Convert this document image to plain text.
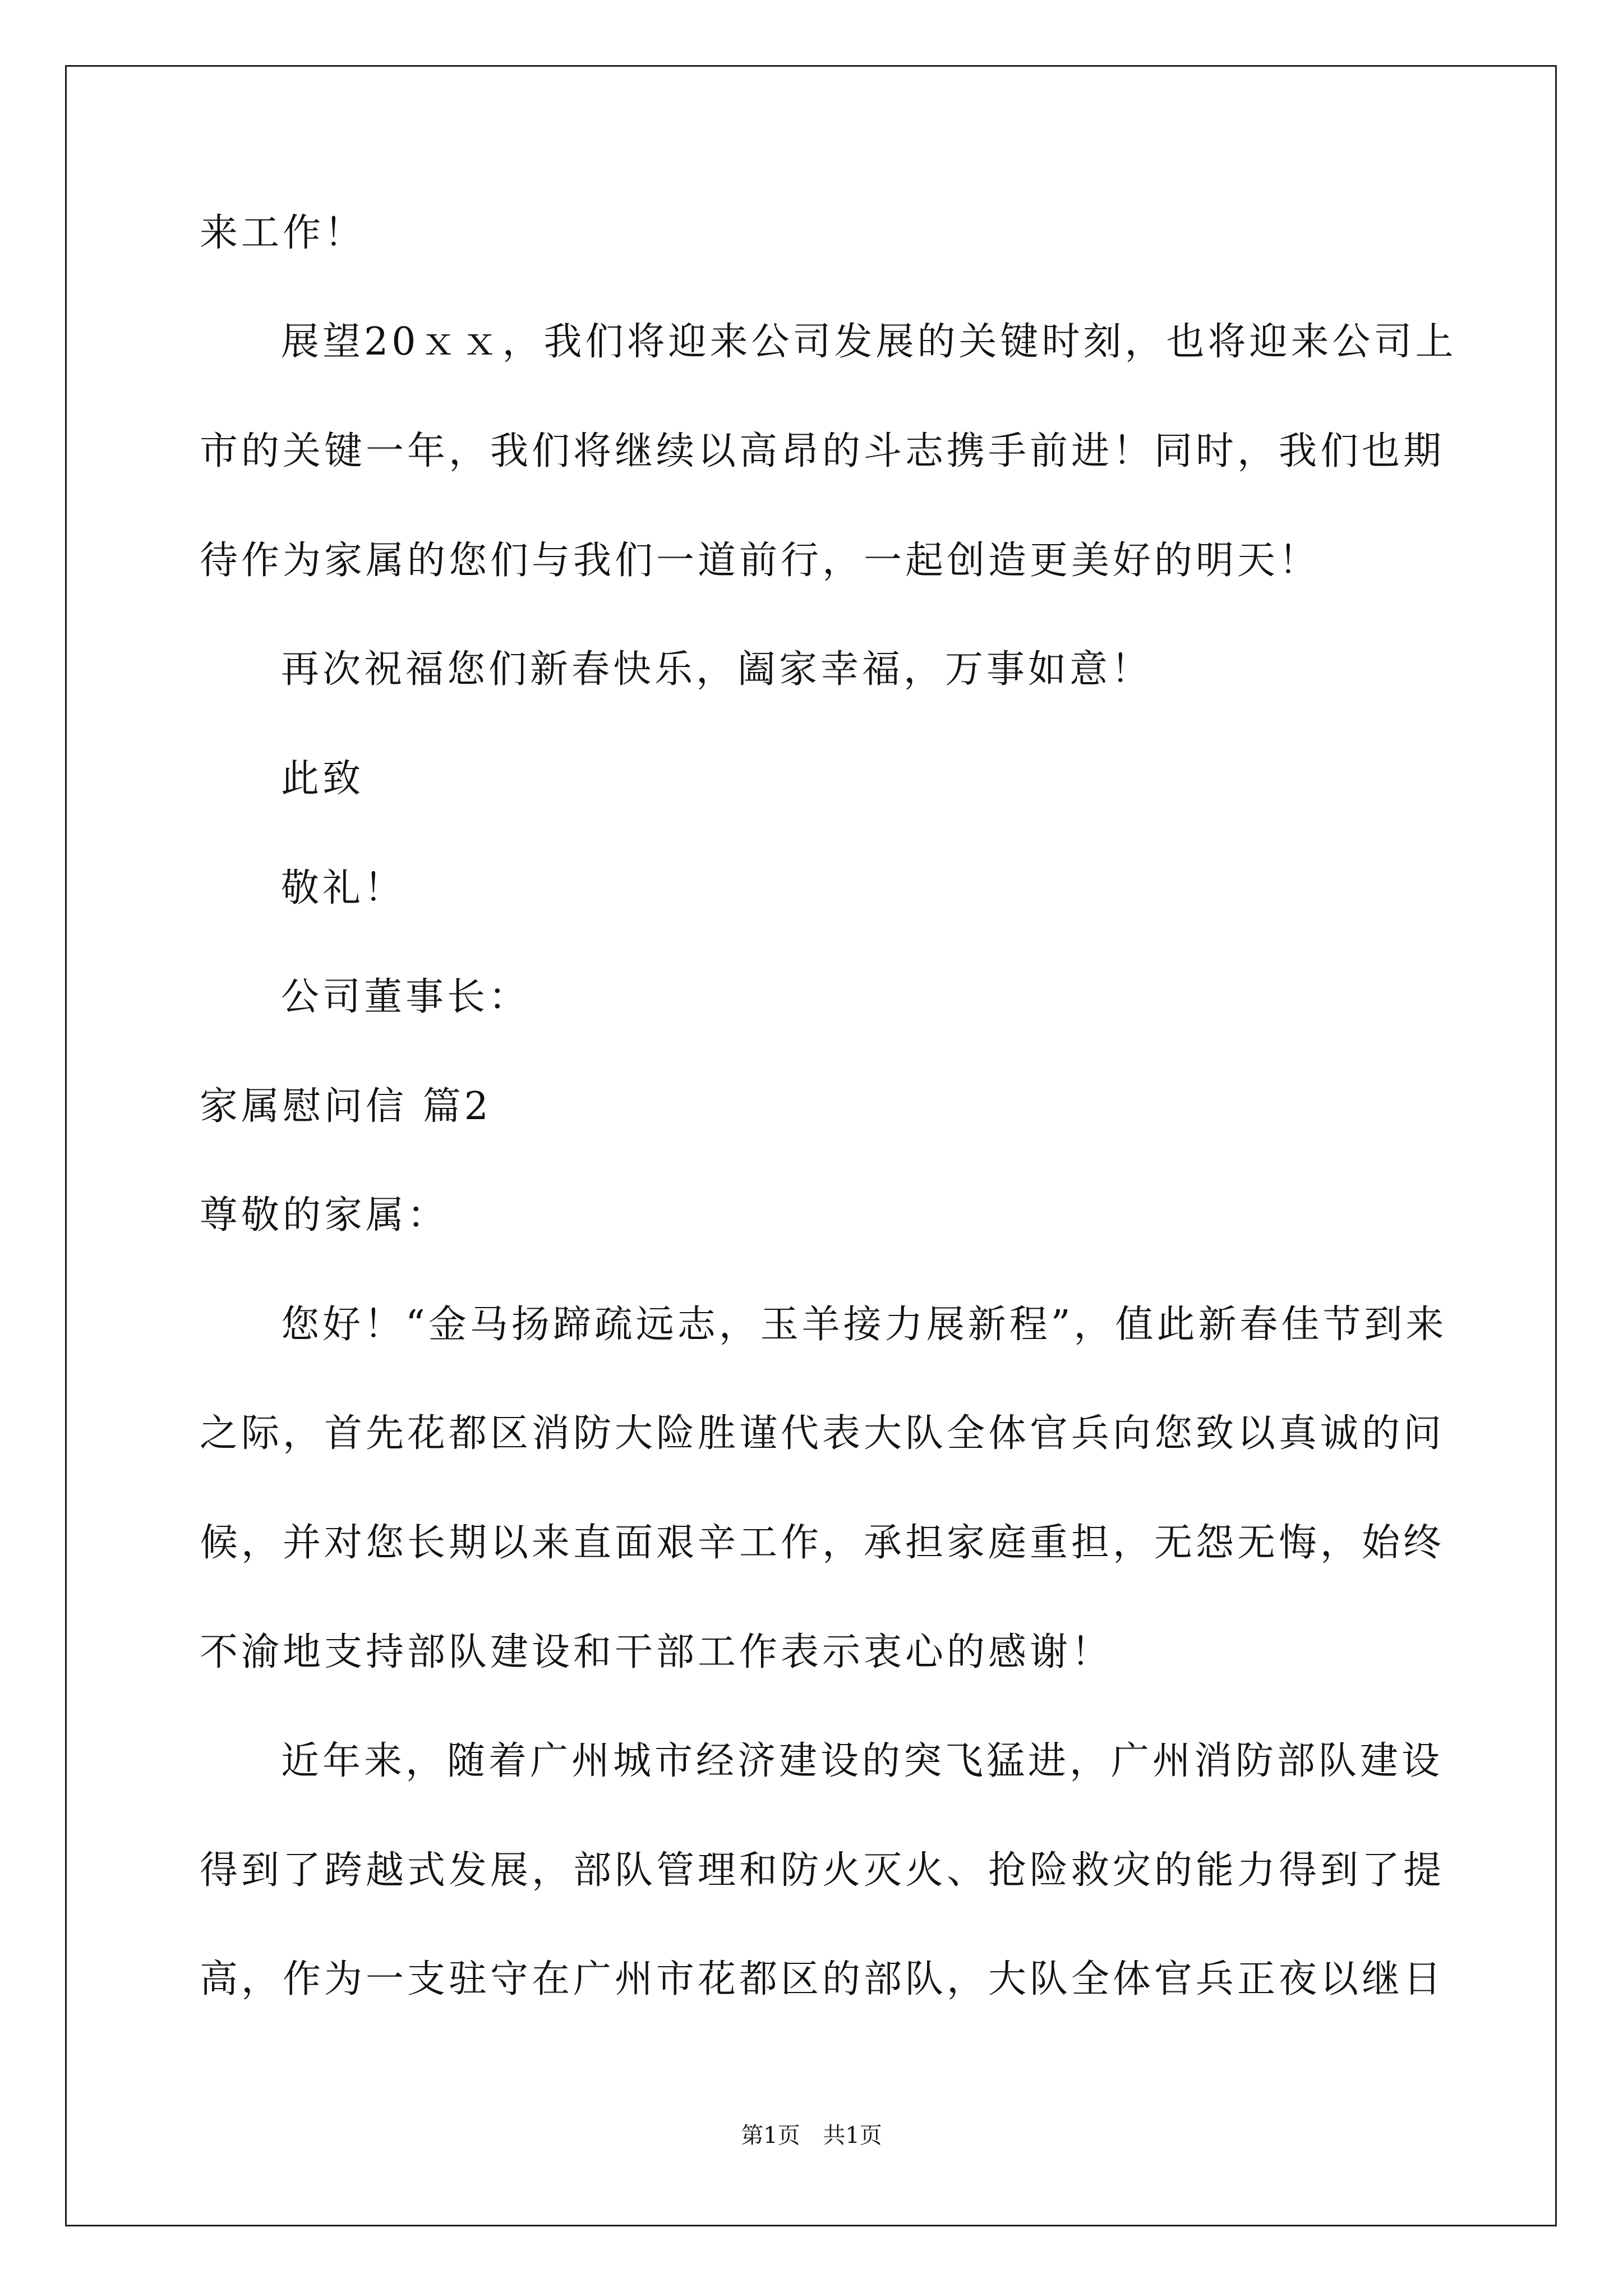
来工作！
展望20ｘｘ，我们将迎来公司发展的关键时刻，也将迎来公司上
市的关键一年，我们将继续以高昂的斗志携手前进！同时，我们也期
待作为家属的您们与我们一道前行，一起创造更美好的明天！
再次祝福您们新春快乐，阖家幸福，万事如意！
此致
敬礼！
公司董事长：
家属慰问信 篇2
尊敬的家属：
您好！“金马扬蹄疏远志，玉羊接力展新程”，值此新春佳节到来
之际，首先花都区消防大险胜谨代表大队全体官兵向您致以真诚的问
候，并对您长期以来直面艰辛工作，承担家庭重担，无怨无悔，始终
不渝地支持部队建设和干部工作表示衷心的感谢！
近年来，随着广州城市经济建设的突飞猛进，广州消防部队建设
得到了跨越式发展，部队管理和防火灭火、抢险救灾的能力得到了提
高，作为一支驻守在广州市花都区的部队，大队全体官兵正夜以继日
第1页 共1页
